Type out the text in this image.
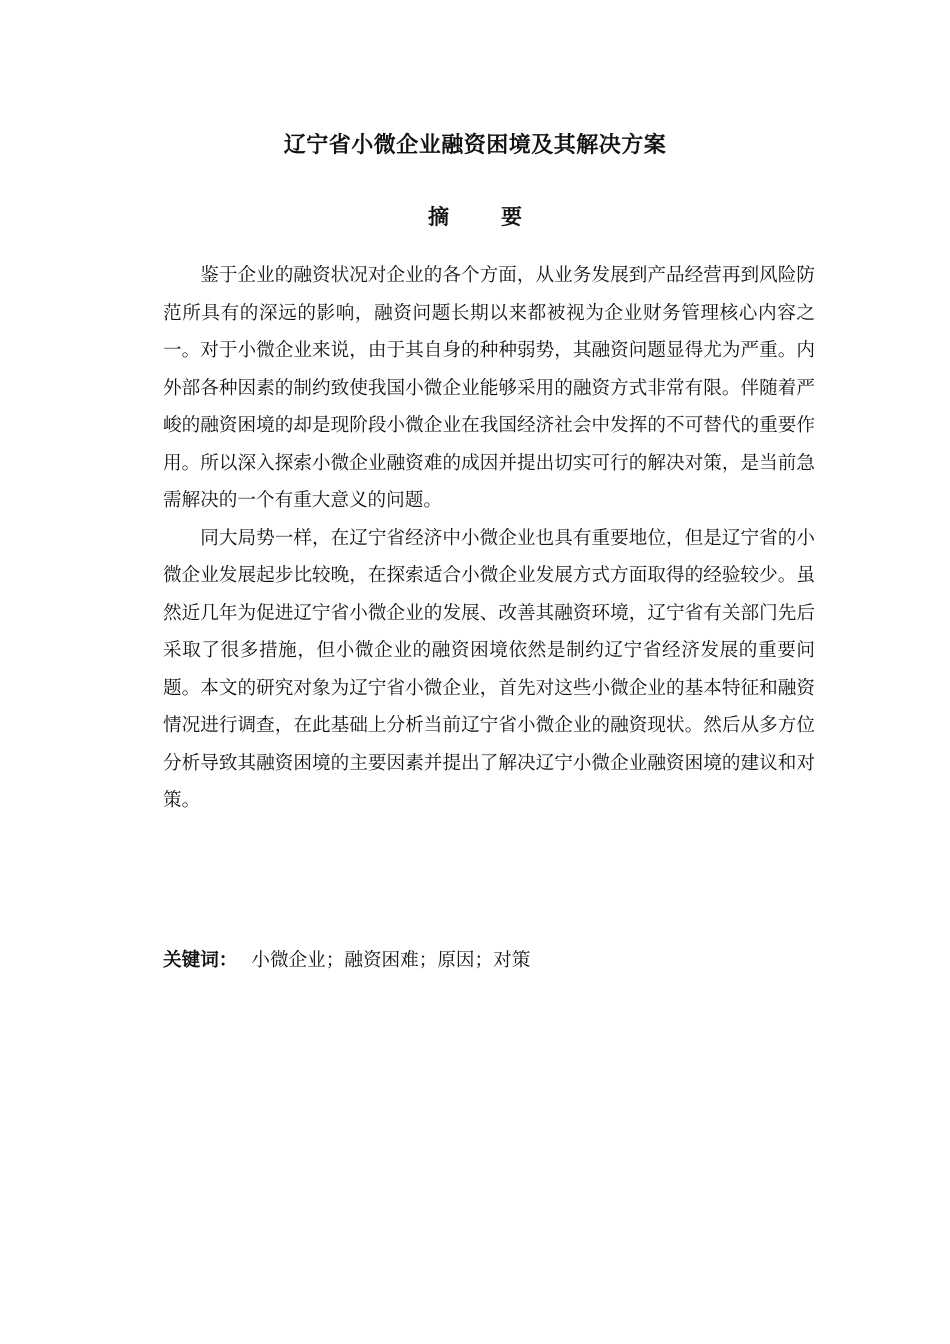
辽宁省小微企业融资困境及其解决方案
摘 要

鉴于企业的融资状况对企业的各个方面，从业务发展到产品经营再到风险防范所具有的深远的影响，融资问题长期以来都被视为企业财务管理核心内容之一。对于小微企业来说，由于其自身的种种弱势，其融资问题显得尤为严重。内外部各种因素的制约致使我国小微企业能够采用的融资方式非常有限。伴随着严峻的融资困境的却是现阶段小微企业在我国经济社会中发挥的不可替代的重要作用。所以深入探索小微企业融资难的成因并提出切实可行的解决对策，是当前急需解决的一个有重大意义的问题。

同大局势一样，在辽宁省经济中小微企业也具有重要地位，但是辽宁省的小微企业发展起步比较晚，在探索适合小微企业发展方式方面取得的经验较少。虽然近几年为促进辽宁省小微企业的发展、改善其融资环境，辽宁省有关部门先后采取了很多措施，但小微企业的融资困境依然是制约辽宁省经济发展的重要问题。本文的研究对象为辽宁省小微企业，首先对这些小微企业的基本特征和融资情况进行调查，在此基础上分析当前辽宁省小微企业的融资现状。然后从多方位分析导致其融资困境的主要因素并提出了解决辽宁小微企业融资困境的建议和对策。

关键词： 小微企业；融资困难；原因；对策
